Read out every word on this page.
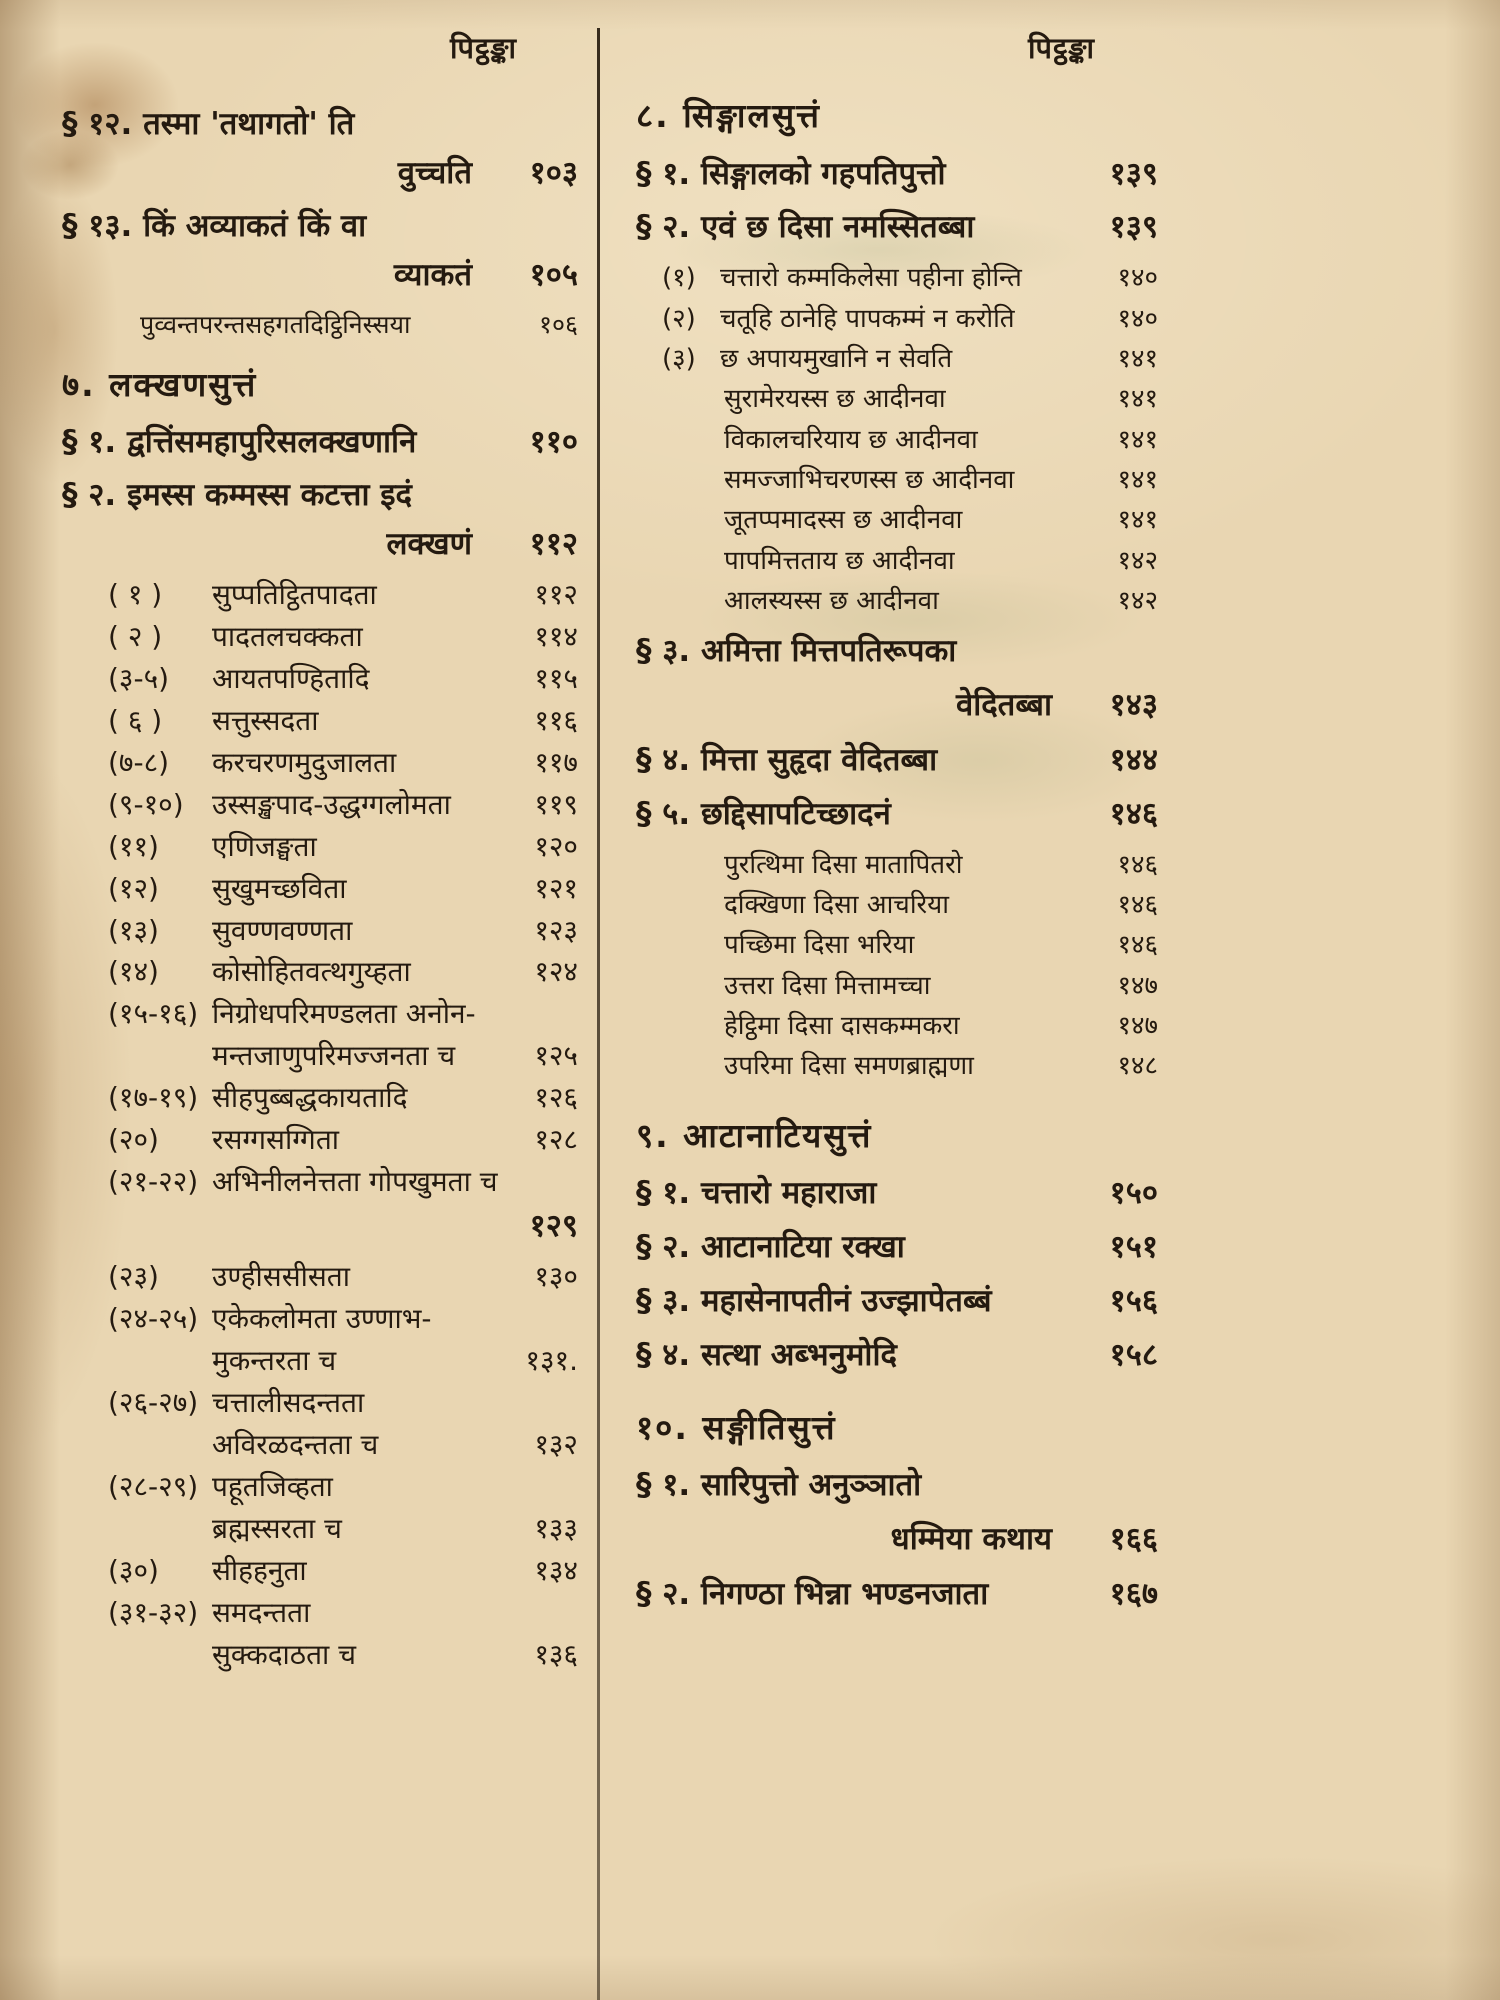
पिट्ठङ्का	पिट्ठङ्का
§ १२. तस्मा 'तथागतो' ति
वुच्चति	१०३
§ १३. किं अव्याकतं किं वा
व्याकतं	१०५
पुव्वन्तपरन्तसहगतदिट्ठिनिस्सया	१०६
७. लक्खणसुत्तं
§ १. द्वत्तिंसमहापुरिसलक्खणानि	११०
§ २. इमस्स कम्मस्स कटत्ता इदं
लक्खणं	११२
( १ )	सुप्पतिट्ठितपादता	११२
( २ )	पादतलचक्कता	११४
(३-५)	आयतपण्हितादि	११५
( ६ )	सत्तुस्सदता	११६
(७-८)	करचरणमुदुजालता	११७
(९-१०)	उस्सङ्खपाद-उद्धग्गलोमता	११९
(११)	एणिजङ्घता	१२०
(१२)	सुखुमच्छविता	१२१
(१३)	सुवण्णवण्णता	१२३
(१४)	कोसोहितवत्थगुय्हता	१२४
(१५-१६) निग्रोधपरिमण्डलता अनोन-
मन्तजाणुपरिमज्जनता च	१२५
(१७-१९) सीहपुब्बद्धकायतादि	१२६
(२०)	रसग्गसग्गिता	१२८
(२१-२२) अभिनीलनेत्तता गोपखुमता च
१२९
(२३)	उण्हीससीसता	१३०
(२४-२५) एकेकलोमता उण्णाभ-
मुकन्तरता च	१३१.
(२६-२७) चत्तालीसदन्तता
अविरळदन्तता च	१३२
(२८-२९) पहूतजिव्हता
ब्रह्मस्सरता च	१३३
(३०)	सीहहनुता	१३४
(३१-३२) समदन्तता
सुक्कदाठता च	१३६
८. सिङ्गालसुत्तं
§ १. सिङ्गालको गहपतिपुत्तो	१३९
§ २. एवं छ दिसा नमस्सितब्बा	१३९
(१) चत्तारो कम्मकिलेसा पहीना होन्ति	१४०
(२) चतूहि ठानेहि पापकम्मं न करोति	१४०
(३) छ अपायमुखानि न सेवति	१४१
सुरामेरयस्स छ आदीनवा	१४१
विकालचरियाय छ आदीनवा	१४१
समज्जाभिचरणस्स छ आदीनवा	१४१
जूतप्पमादस्स छ आदीनवा	१४१
पापमित्तताय छ आदीनवा	१४२
आलस्यस्स छ आदीनवा	१४२
§ ३. अमित्ता मित्तपतिरूपका
वेदितब्बा	१४३
§ ४. मित्ता सुहृदा वेदितब्बा	१४४
§ ५. छद्दिसापटिच्छादनं	१४६
पुरत्थिमा दिसा मातापितरो	१४६
दक्खिणा दिसा आचरिया	१४६
पच्छिमा दिसा भरिया	१४६
उत्तरा दिसा मित्तामच्चा	१४७
हेट्ठिमा दिसा दासकम्मकरा	१४७
उपरिमा दिसा समणब्राह्मणा	१४८
९. आटानाटियसुत्तं
§ १. चत्तारो महाराजा	१५०
§ २. आटानाटिया रक्खा	१५१
§ ३. महासेनापतीनं उज्झापेतब्बं	१५६
§ ४. सत्था अब्भनुमोदि	१५८
१०. सङ्गीतिसुत्तं
§ १. सारिपुत्तो अनुञ्ञातो
धम्मिया कथाय	१६६
§ २. निगण्ठा भिन्ना भण्डनजाता	१६७
